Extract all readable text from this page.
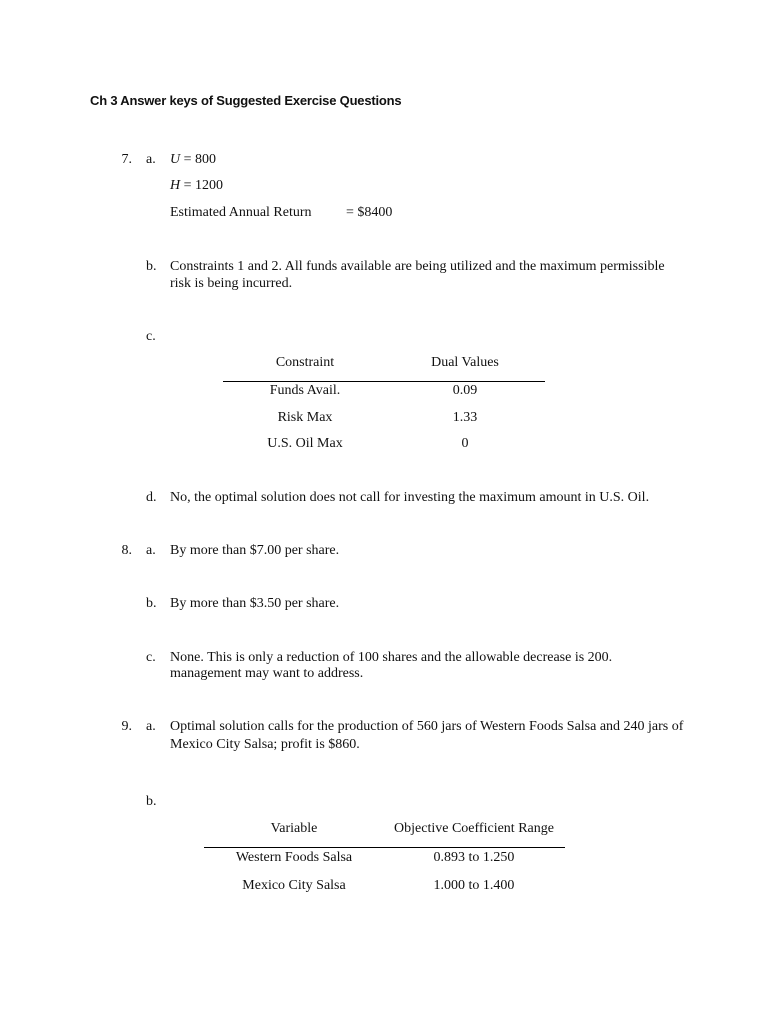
Ch 3 Answer keys of Suggested Exercise Questions
7. a. U = 800
H = 1200
Estimated Annual Return = $8400
b. Constraints 1 and 2. All funds available are being utilized and the maximum permissible
risk is being incurred.
c.
Constraint	Dual Values
Funds Avail.	0.09
Risk Max	1.33
U.S. Oil Max	0
d. No, the optimal solution does not call for investing the maximum amount in U.S. Oil.
8. a. By more than $7.00 per share.
b. By more than $3.50 per share.
c. None. This is only a reduction of 100 shares and the allowable decrease is 200.
management may want to address.
9. a. Optimal solution calls for the production of 560 jars of Western Foods Salsa and 240 jars of
Mexico City Salsa; profit is $860.
b.
Variable	Objective Coefficient Range
Western Foods Salsa	0.893 to 1.250
Mexico City Salsa	1.000 to 1.400
